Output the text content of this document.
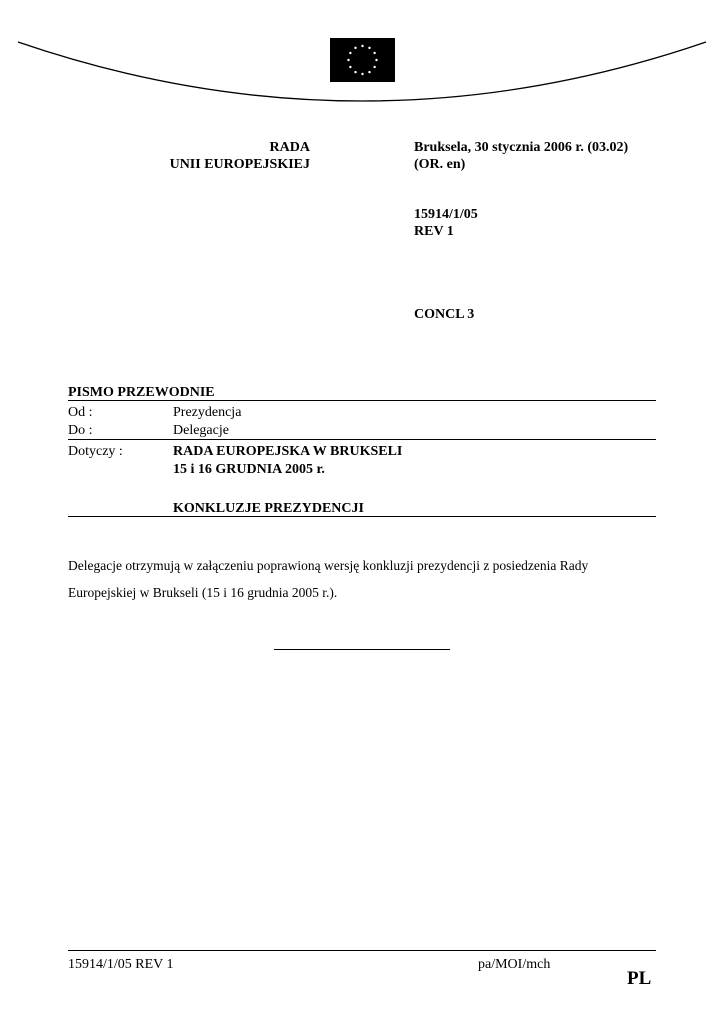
RADA
UNII EUROPEJSKIEJ
Bruksela, 30 stycznia 2006 r. (03.02)
(OR. en)
15914/1/05
REV 1
CONCL 3
PISMO PRZEWODNIE
Od :	Prezydencja
Do :	Delegacje
Dotyczy :	RADA EUROPEJSKA W BRUKSELI
15 i 16 GRUDNIA 2005 r.
KONKLUZJE PREZYDENCJI
Delegacje otrzymują w załączeniu poprawioną wersję konkluzji prezydencji z posiedzenia Rady
Europejskiej w Brukseli (15 i 16 grudnia 2005 r.).
15914/1/05 REV 1	pa/MOI/mch
PL
